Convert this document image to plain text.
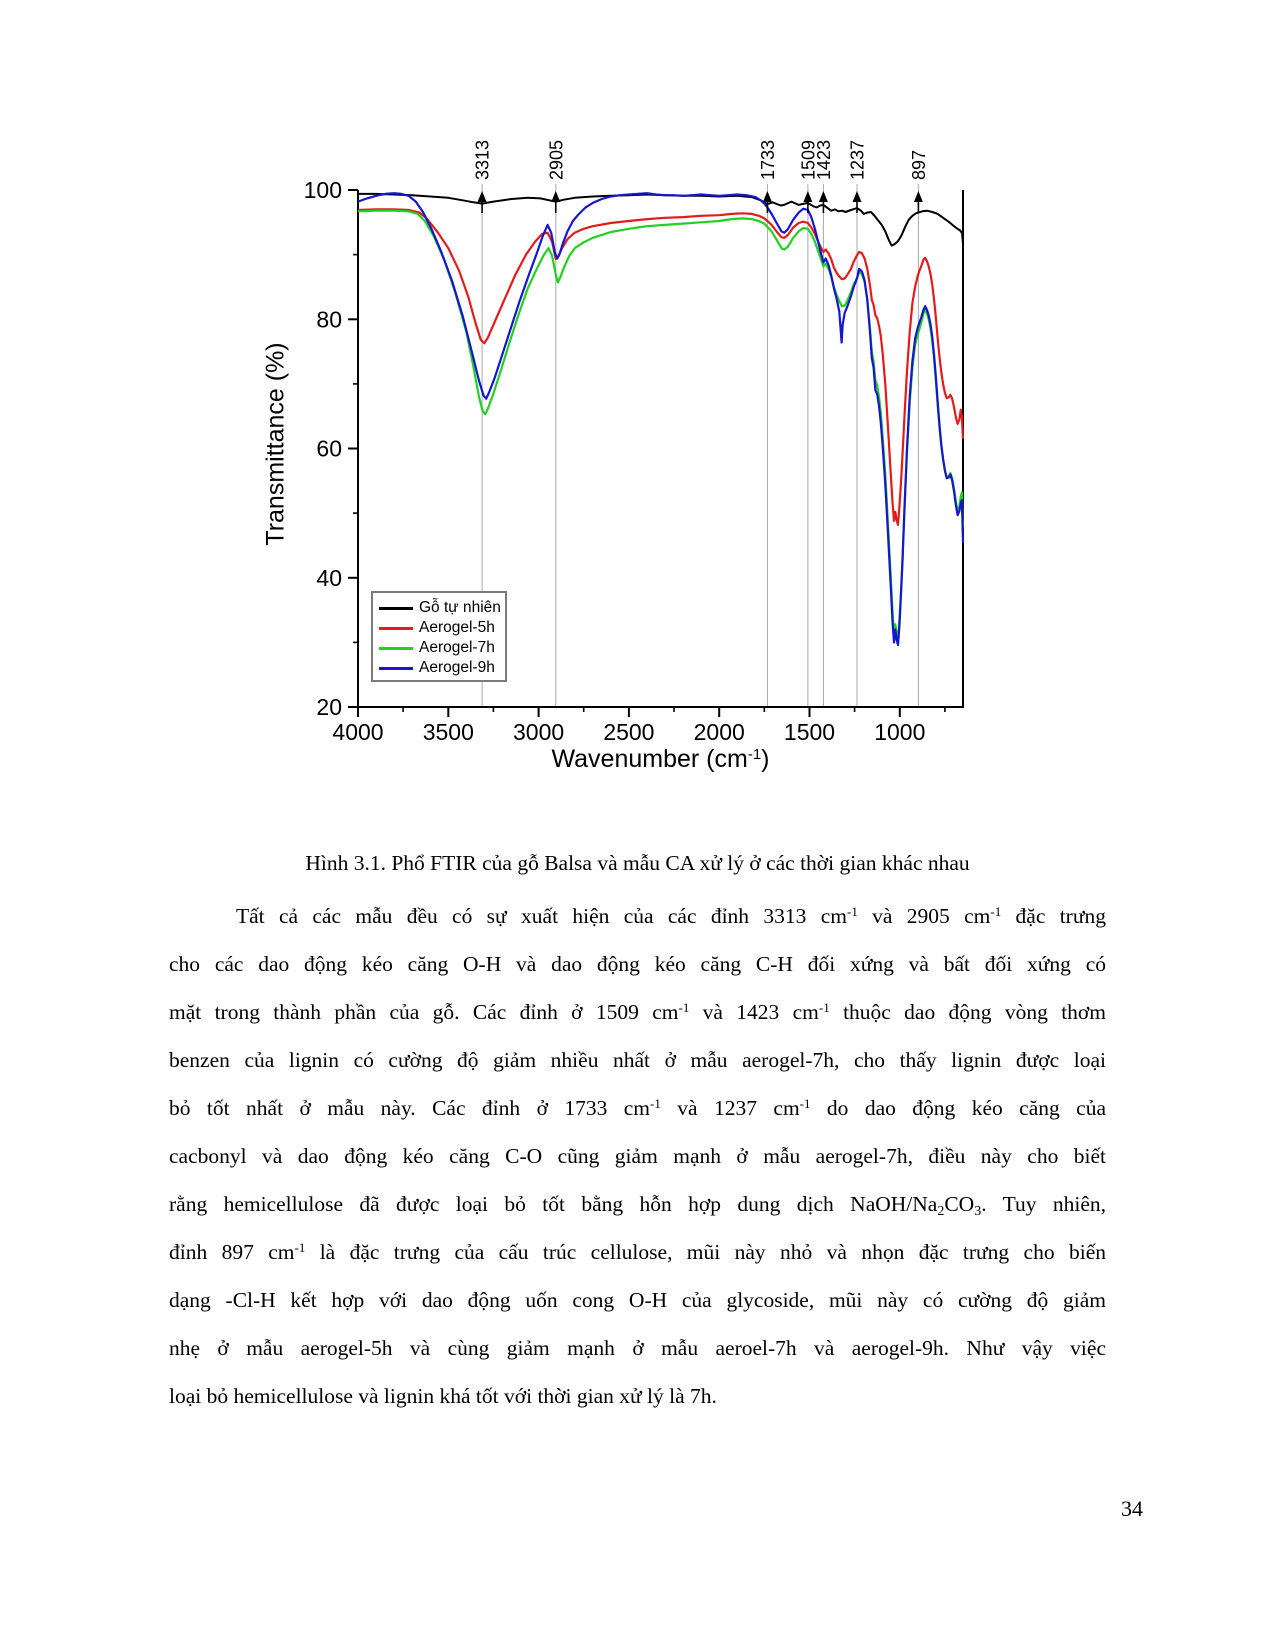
4000 3500 3000 2500 2000 1500 1000
100
80
60
40
20
3313	2905	1733 1509
1423 1237 897
Transmittance (%)
Wavenumber $(cm^{-1})$
Gỗ tự nhiên
Aerogel-5h
Aerogel-7h
Aerogel-9h
Hình 3.1. Phổ FTIR của gỗ Balsa và mẫu CA xử lý ở các thời gian khác nhau
Tất cả các mẫu đều có sự xuất hiện của các đỉnh 3313 $cm^{-1}$ và 2905 $cm^{-1}$ đặc trưng
cho các dao động kéo căng O-H và dao động kéo căng C-H đối xứng và bất đối xứng có
mặt trong thành phần của gỗ. Các đỉnh ở 1509 $cm^{-1}$ và 1423 $cm^{-1}$ thuộc dao động vòng thơm
benzen của lignin có cường độ giảm nhiều nhất ở mẫu aerogel-7h, cho thấy lignin được loại
bỏ tốt nhất ở mẫu này. Các đỉnh ở 1733 $cm^{-1}$ và 1237 $cm^{-1}$ do dao động kéo căng của
cacbonyl và dao động kéo căng C-O cũng giảm mạnh ở mẫu aerogel-7h, điều này cho biết
rằng hemicellulose đã được loại bỏ tốt bằng hỗn hợp dung dịch NaOH/$Na_2CO_3$. Tuy nhiên,
đỉnh 897 $cm^{-1}$ là đặc trưng của cấu trúc cellulose, mũi này nhỏ và nhọn đặc trưng cho biến
dạng -Cl-H kết hợp với dao động uốn cong O-H của glycoside, mũi này có cường độ giảm
nhẹ ở mẫu aerogel-5h và cùng giảm mạnh ở mẫu aeroel-7h và aerogel-9h. Như vậy việc
loại bỏ hemicellulose và lignin khá tốt với thời gian xử lý là 7h.
34
